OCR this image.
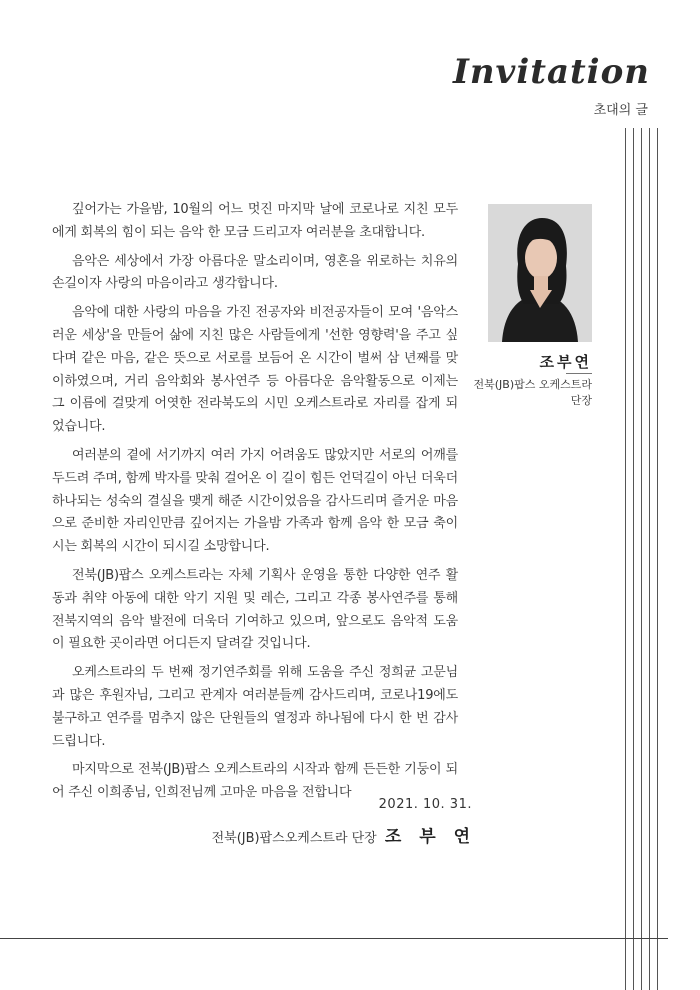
Invitation
초대의 글

깊어가는 가을밤, 10월의 어느 멋진 마지막 날에 코로나로 지친 모두에게 회복의 힘이 되는 음악 한 모금 드리고자 여러분을 초대합니다.

음악은 세상에서 가장 아름다운 말소리이며, 영혼을 위로하는 치유의 손길이자 사랑의 마음이라고 생각합니다.

음악에 대한 사랑의 마음을 가진 전공자와 비전공자들이 모여 '음악스러운 세상'을 만들어 삶에 지친 많은 사람들에게 '선한 영향력'을 주고 싶다며 같은 마음, 같은 뜻으로 서로를 보듬어 온 시간이 벌써 삼 년째를 맞이하였으며, 거리 음악회와 봉사연주 등 아름다운 음악활동으로 이제는 그 이름에 걸맞게 어엿한 전라북도의 시민 오케스트라로 자리를 잡게 되었습니다.

여러분의 곁에 서기까지 여러 가지 어려움도 많았지만 서로의 어깨를 두드려 주며, 함께 박자를 맞춰 걸어온 이 길이 힘든 언덕길이 아닌 더욱더 하나되는 성숙의 결실을 맺게 해준 시간이었음을 감사드리며 즐거운 마음으로 준비한 자리인만큼 깊어지는 가을밤 가족과 함께 음악 한 모금 축이시는 회복의 시간이 되시길 소망합니다.

전북(JB)팝스 오케스트라는 자체 기획사 운영을 통한 다양한 연주 활동과 취약 아동에 대한 악기 지원 및 레슨, 그리고 각종 봉사연주를 통해 전북지역의 음악 발전에 더욱더 기여하고 있으며, 앞으로도 음악적 도움이 필요한 곳이라면 어디든지 달려갈 것입니다.

오케스트라의 두 번째 정기연주회를 위해 도움을 주신 정희균 고문님과 많은 후원자님, 그리고 관계자 여러분들께 감사드리며, 코로나19에도 불구하고 연주를 멈추지 않은 단원들의 열정과 하나됨에 다시 한 번 감사드립니다.

마지막으로 전북(JB)팝스 오케스트라의 시작과 함께 든든한 기둥이 되어 주신 이희종님, 인희전님께 고마운 마음을 전합니다

조부연
전북(JB)팝스 오케스트라
단장
2021. 10. 31.
전북(JB)팝스오케스트라 단장 조 부 연
